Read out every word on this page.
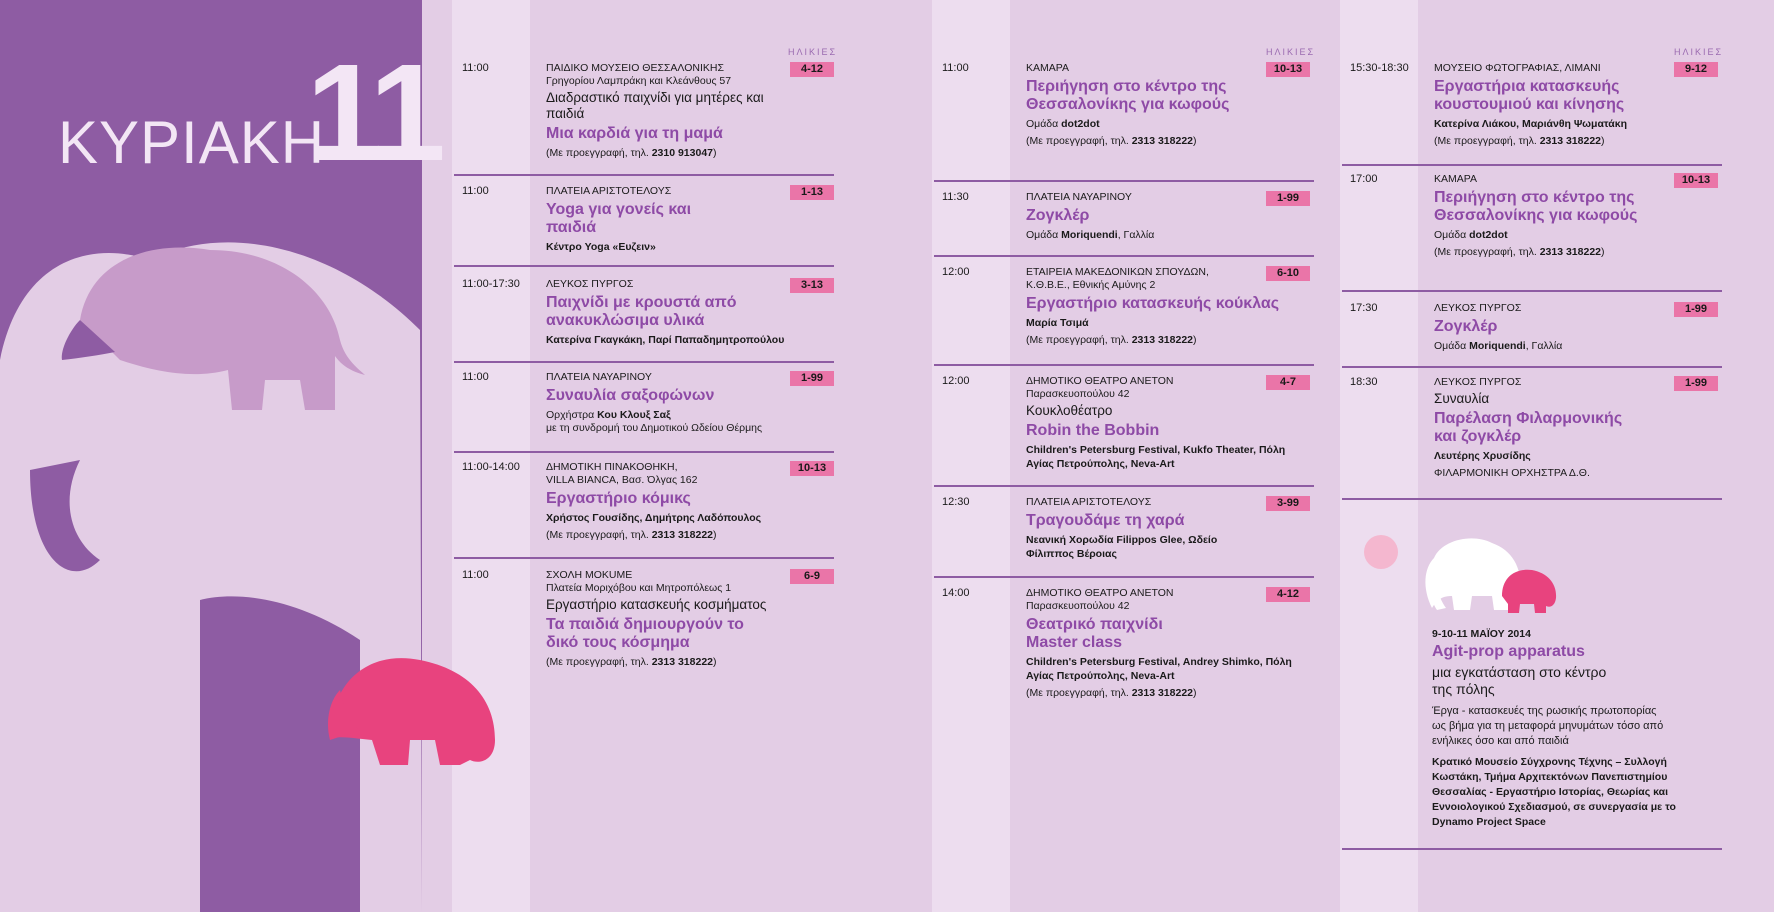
ΚΥΡΙΑΚΗ
11	ΗΛΙΚΙΕΣ
11:00	ΠΑΙΔΙΚΟ ΜΟΥΣΕΙΟ ΘΕΣΣΑΛΟΝΙΚΗΣ
Γρηγορίου Λαμπράκη και Κλεάνθους 57
Διαδραστικό παιχνίδι για μητέρες και παιδιά
Μια καρδιά για τη μαμά
(Με προεγγραφή, τηλ. 2310 913047)
4-12
11:00	ΠΛΑΤΕΙΑ ΑΡΙΣΤΟΤΕΛΟΥΣ
Yoga για γονείς και παιδιά
Κέντρο Yoga «Ευζειν»
1-13
11:00-17:30 ΛΕΥΚΟΣ ΠΥΡΓΟΣ
Παιχνίδι με κρουστά από ανακυκλώσιμα υλικά
Κατερίνα Γκαγκάκη, Παρί Παπαδημητροπούλου
3-13
11:00	ΠΛΑΤΕΙΑ ΝΑΥΑΡΙΝΟΥ
Συναυλία σαξοφώνων
Ορχήστρα Κου Κλουξ Σαξ
με τη συνδρομή του Δημοτικού Ωδείου Θέρμης
1-99
11:00-14:00 ΔΗΜΟΤΙΚΗ ΠΙΝΑΚΟΘΗΚΗ,
VILLA BIANCA, Βασ. Όλγας 162
Εργαστήριο κόμικς
Χρήστος Γουσίδης, Δημήτρης Λαδόπουλος
(Με προεγγραφή, τηλ. 2313 318222)
10-13
11:00	ΣΧΟΛΗ ΜΟΚUME
Πλατεία Μοριχόβου και Μητροπόλεως 1
Εργαστήριο κατασκευής κοσμήματος
Τα παιδιά δημιουργούν το δικό τους κόσμημα
(Με προεγγραφή, τηλ. 2313 318222)
6-9
ΗΛΙΚΙΕΣ
11:00	ΚΑΜΑΡΑ
Περιήγηση στο κέντρο της Θεσσαλονίκης για κωφούς
Ομάδα dot2dot
(Με προεγγραφή, τηλ. 2313 318222)
10-13
11:30	ΠΛΑΤΕΙΑ ΝΑΥΑΡΙΝΟΥ
Ζογκλέρ
Ομάδα Moriquendi, Γαλλία
1-99
12:00	ΕΤΑΙΡΕΙΑ ΜΑΚΕΔΟΝΙΚΩΝ ΣΠΟΥΔΩΝ,
Κ.Θ.Β.Ε., Εθνικής Αμύνης 2
Εργαστήριο κατασκευής κούκλας
Μαρία Τσιμά
(Με προεγγραφή, τηλ. 2313 318222)
6-10
12:00	ΔΗΜΟΤΙΚΟ ΘΕΑΤΡΟ ΑΝΕΤΟΝ
Παρασκευοπούλου 42
Κουκλοθέατρο
Robin the Bobbin
Children's Petersburg Festival, Kukfo Theater, Πόλη Αγίας Πετρούπολης, Neva-Art
4-7
12:30	ΠΛΑΤΕΙΑ ΑΡΙΣΤΟΤΕΛΟΥΣ
Τραγουδάμε τη χαρά
Νεανική Χορωδία Filippos Glee, Ωδείο Φίλιππος Βέροιας
3-99
14:00	ΔΗΜΟΤΙΚΟ ΘΕΑΤΡΟ ΑΝΕΤΟΝ
Παρασκευοπούλου 42
Θεατρικό παιχνίδι Master class
Children's Petersburg Festival, Andrey Shimko, Πόλη Αγίας Πετρούπολης, Neva-Art
(Με προεγγραφή, τηλ. 2313 318222)
4-12
ΗΛΙΚΙΕΣ
15:30-18:30 ΜΟΥΣΕΙΟ ΦΩΤΟΓΡΑΦΙΑΣ, ΛΙΜΑΝΙ
Εργαστήρια κατασκευής κουστουμιού και κίνησης
Κατερίνα Λιάκου, Μαριάνθη Ψωματάκη
(Με προεγγραφή, τηλ. 2313 318222)
9-12
17:00	ΚΑΜΑΡΑ
Περιήγηση στο κέντρο της Θεσσαλονίκης για κωφούς
Ομάδα dot2dot
(Με προεγγραφή, τηλ. 2313 318222)
10-13
17:30	ΛΕΥΚΟΣ ΠΥΡΓΟΣ
Ζογκλέρ
Ομάδα Moriquendi, Γαλλία
1-99
18:30	ΛΕΥΚΟΣ ΠΥΡΓΟΣ
Συναυλία
Παρέλαση Φιλαρμονικής και ζογκλέρ
Λευτέρης Χρυσίδης
ΦΙΛΑΡΜΟΝΙΚΗ ΟΡΧΗΣΤΡΑ Δ.Θ.
1-99
9-10-11 ΜΑΪΟΥ 2014
Agit-prop apparatus
μια εγκατάσταση στο κέντρο της πόλης
Έργα - κατασκευές της ρωσικής πρωτοπορίας ως βήμα για τη μεταφορά μηνυμάτων τόσο από ενήλικες όσο και από παιδιά
Κρατικό Μουσείο Σύγχρονης Τέχνης – Συλλογή Κωστάκη, Τμήμα Αρχιτεκτόνων Πανεπιστημίου Θεσσαλίας - Εργαστήριο Ιστορίας, Θεωρίας και Εννοιολογικού Σχεδιασμού, σε συνεργασία με το Dynamo Project Space
